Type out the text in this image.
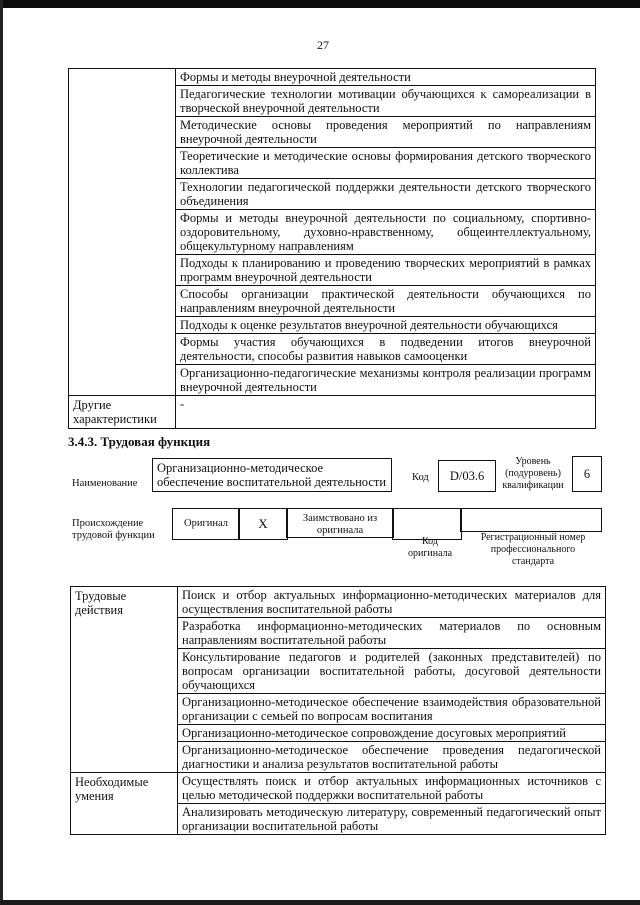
27
	Формы и методы внеурочной деятельности
	Педагогические технологии мотивации обучающихся к самореализации в творческой внеурочной деятельности
	Методические основы проведения мероприятий по направлениям внеурочной деятельности
	Теоретические и методические основы формирования детского творческого коллектива
	Технологии педагогической поддержки деятельности детского творческого объединения
	Формы и методы внеурочной деятельности по социальному, спортивно-оздоровительному, духовно-нравственному, общеинтеллектуальному, общекультурному направлениям
	Подходы к планированию и проведению творческих мероприятий в рамках программ внеурочной деятельности
	Способы организации практической деятельности обучающихся по направлениям внеурочной деятельности
	Подходы к оценке результатов внеурочной деятельности обучающихся
	Формы участия обучающихся в подведении итогов внеурочной деятельности, способы развития навыков самооценки
	Организационно-педагогические механизмы контроля реализации программ внеурочной деятельности
Другие характеристики	-
3.4.3. Трудовая функция
Наименование
Организационно-методическое обеспечение воспитательной деятельности	Код	D/03.6
Уровень (подуровень) квалификации
6
Происхождение трудовой функции
Оригинал	X	Заимствовано из оригинала
Код оригинала
Регистрационный номер профессионального стандарта
Трудовые действия	Поиск и отбор актуальных информационно-методических материалов для осуществления воспитательной работы
	Разработка информационно-методических материалов по основным направлениям воспитательной работы
	Консультирование педагогов и родителей (законных представителей) по вопросам организации воспитательной работы, досуговой деятельности обучающихся
	Организационно-методическое обеспечение взаимодействия образовательной организации с семьей по вопросам воспитания
	Организационно-методическое сопровождение досуговых мероприятий
	Организационно-методическое обеспечение проведения педагогической диагностики и анализа результатов воспитательной работы
Необходимые умения	Осуществлять поиск и отбор актуальных информационных источников с целью методической поддержки воспитательной работы
	Анализировать методическую литературу, современный педагогический опыт организации воспитательной работы
